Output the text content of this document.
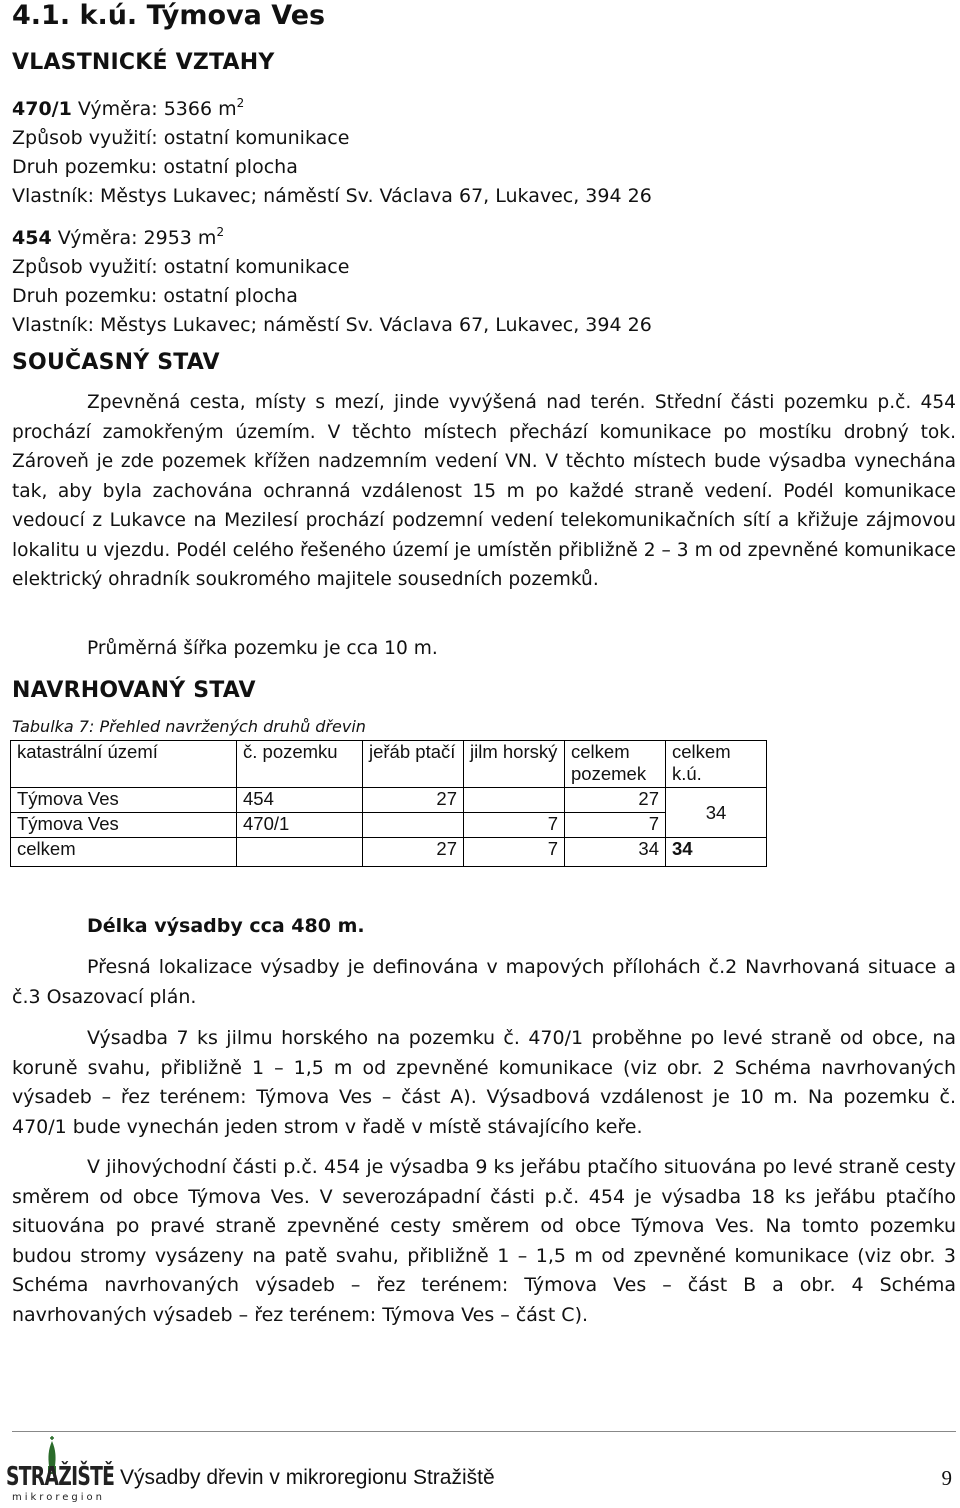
4.1. k.ú. Týmova Ves
VLASTNICKÉ VZTAHY
470/1 Výměra: 5366 $m^2$
Způsob využití: ostatní komunikace
Druh pozemku: ostatní plocha
Vlastník: Městys Lukavec; náměstí Sv. Václava 67, Lukavec, 394 26
454 Výměra: 2953 $m^2$
Způsob využití: ostatní komunikace
Druh pozemku: ostatní plocha
Vlastník: Městys Lukavec; náměstí Sv. Václava 67, Lukavec, 394 26
SOUČASNÝ STAV
Zpevněná cesta, místy s mezí, jinde vyvýšená nad terén. Střední části pozemku p.č. 454 prochází zamokřeným územím. V těchto místech přechází komunikace po mostíku drobný tok. Zároveň je zde pozemek křížen nadzemním vedení VN. V těchto místech bude výsadba vynechána tak, aby byla zachována ochranná vzdálenost 15 m po každé straně vedení. Podél komunikace vedoucí z Lukavce na Mezilesí prochází podzemní vedení telekomunikačních sítí a křižuje zájmovou lokalitu u vjezdu. Podél celého řešeného území je umístěn přibližně 2 – 3 m od zpevněné komunikace elektrický ohradník soukromého majitele sousedních pozemků.
Průměrná šířka pozemku je cca 10 m.
NAVRHOVANÝ STAV
Tabulka 7: Přehled navržených druhů dřevin
katastrální území	č. pozemku	jeřáb ptačí	jilm horský	celkem pozemek	celkem k.ú.
Týmova Ves	454	27		27	34
Týmova Ves	470/1		7	7	
celkem		27	7	34	34
Délka výsadby cca 480 m.
Přesná lokalizace výsadby je definována v mapových přílohách č.2 Navrhovaná situace a č.3 Osazovací plán.
Výsadba 7 ks jilmu horského na pozemku č. 470/1 proběhne po levé straně od obce, na koruně svahu, přibližně 1 – 1,5 m od zpevněné komunikace (viz obr. 2 Schéma navrhovaných výsadeb – řez terénem: Týmova Ves – část A). Výsadbová vzdálenost je 10 m. Na pozemku č. 470/1 bude vynechán jeden strom v řadě v místě stávajícího keře.
V jihovýchodní části p.č. 454 je výsadba 9 ks jeřábu ptačího situována po levé straně cesty směrem od obce Týmova Ves. V severozápadní části p.č. 454 je výsadba 18 ks jeřábu ptačího situována po pravé straně zpevněné cesty směrem od obce Týmova Ves. Na tomto pozemku budou stromy vysázeny na patě svahu, přibližně 1 – 1,5 m od zpevněné komunikace (viz obr. 3 Schéma navrhovaných výsadeb – řez terénem: Týmova Ves – část B a obr. 4 Schéma navrhovaných výsadeb – řez terénem: Týmova Ves – část C).
STRAŽIŠTĚ
mikroregion
Výsadby dřevin v mikroregionu Stražiště	9
